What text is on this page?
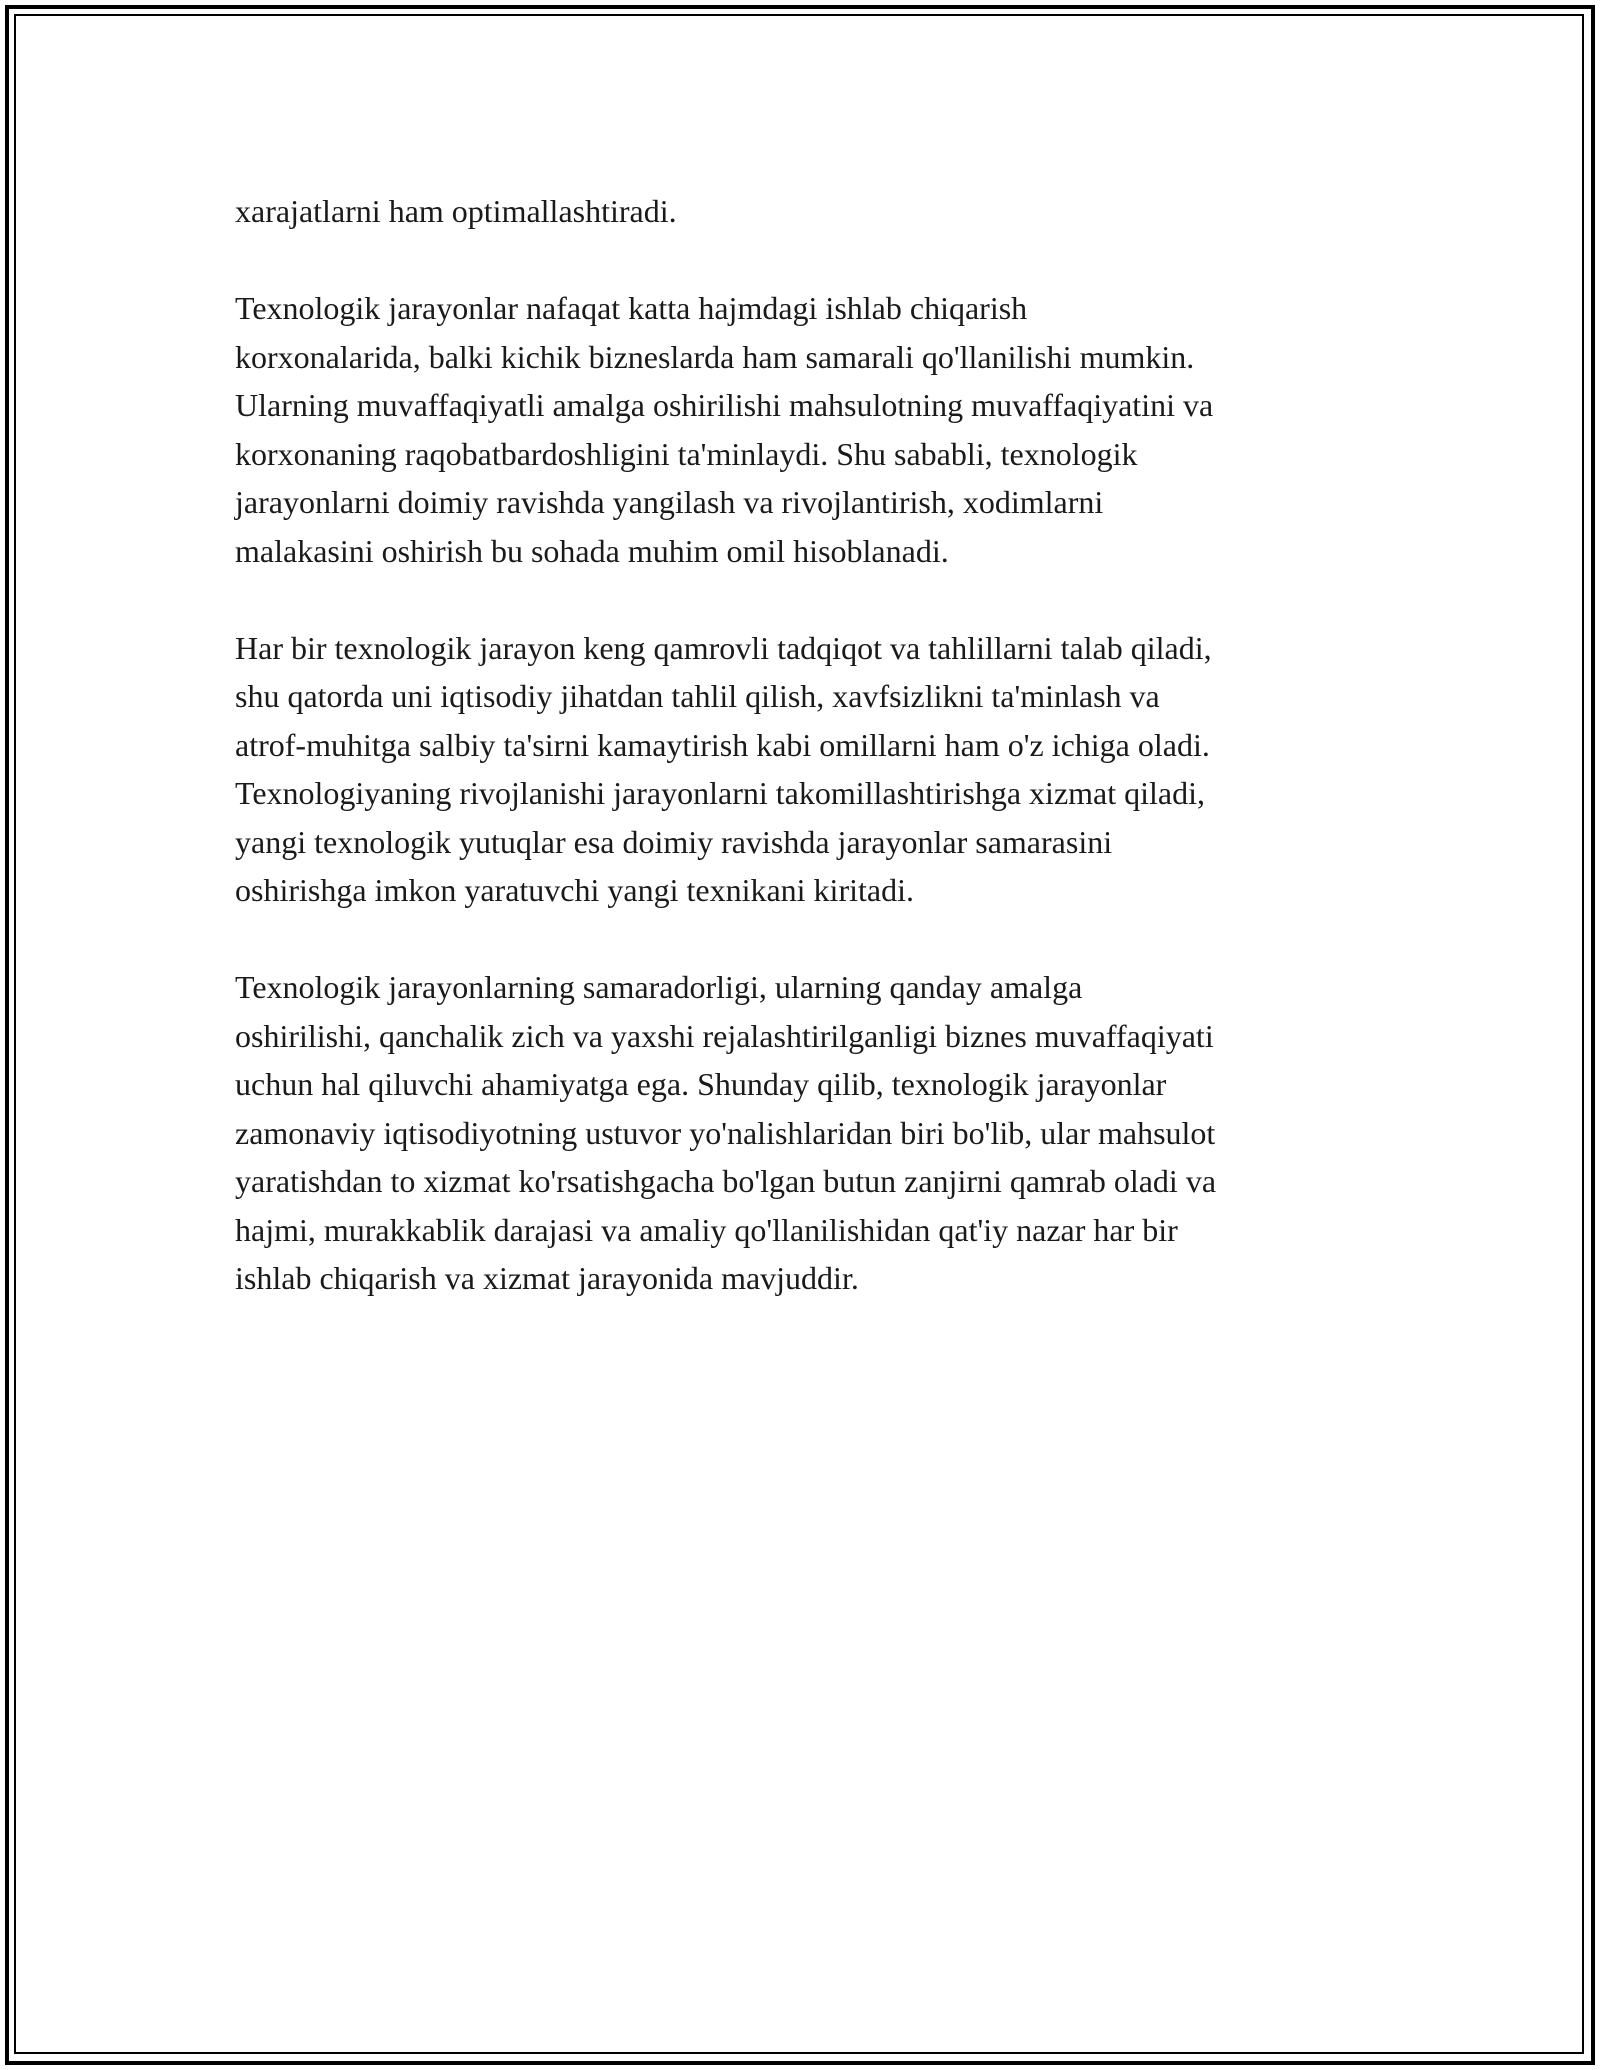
xarajatlarni ham optimallashtiradi.

Texnologik jarayonlar nafaqat katta hajmdagi ishlab chiqarish
korxonalarida, balki kichik bizneslarda ham samarali qo'llanilishi mumkin.
Ularning muvaffaqiyatli amalga oshirilishi mahsulotning muvaffaqiyatini va
korxonaning raqobatbardoshligini ta'minlaydi. Shu sababli, texnologik
jarayonlarni doimiy ravishda yangilash va rivojlantirish, xodimlarni
malakasini oshirish bu sohada muhim omil hisoblanadi.

Har bir texnologik jarayon keng qamrovli tadqiqot va tahlillarni talab qiladi,
shu qatorda uni iqtisodiy jihatdan tahlil qilish, xavfsizlikni ta'minlash va
atrof-muhitga salbiy ta'sirni kamaytirish kabi omillarni ham o'z ichiga oladi.
Texnologiyaning rivojlanishi jarayonlarni takomillashtirishga xizmat qiladi,
yangi texnologik yutuqlar esa doimiy ravishda jarayonlar samarasini
oshirishga imkon yaratuvchi yangi texnikani kiritadi.

Texnologik jarayonlarning samaradorligi, ularning qanday amalga
oshirilishi, qanchalik zich va yaxshi rejalashtirilganligi biznes muvaffaqiyati
uchun hal qiluvchi ahamiyatga ega. Shunday qilib, texnologik jarayonlar
zamonaviy iqtisodiyotning ustuvor yo'nalishlaridan biri bo'lib, ular mahsulot
yaratishdan to xizmat ko'rsatishgacha bo'lgan butun zanjirni qamrab oladi va
hajmi, murakkablik darajasi va amaliy qo'llanilishidan qat'iy nazar har bir
ishlab chiqarish va xizmat jarayonida mavjuddir.
